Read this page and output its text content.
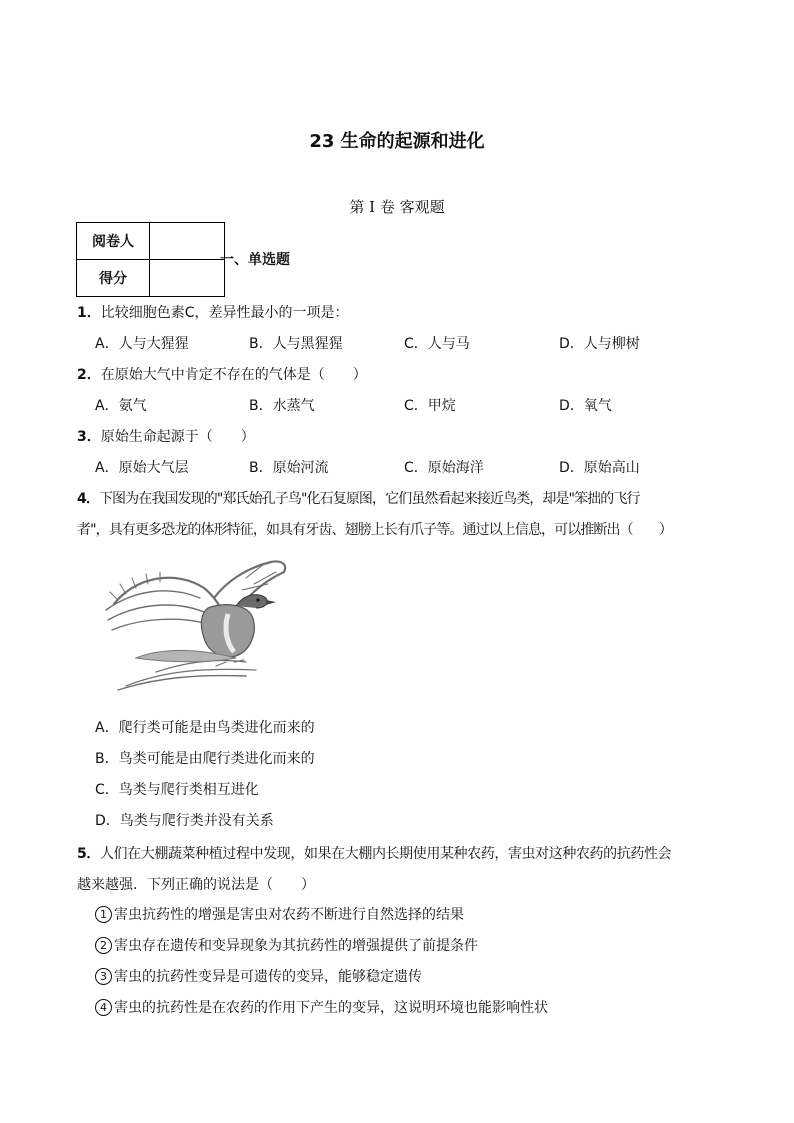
23 生命的起源和进化
第 I 卷 客观题
阅卷人	
得分	
一、单选题
1．比较细胞色素C，差异性最小的一项是：
A．人与大猩猩	B．人与黑猩猩	C．人与马	D．人与柳树
2．在原始大气中肯定不存在的气体是（　　）
A．氨气	B．水蒸气	C．甲烷	D．氧气
3．原始生命起源于（　　）
A．原始大气层	B．原始河流	C．原始海洋	D．原始高山
4．下图为在我国发现的"郑氏始孔子鸟"化石复原图，它们虽然看起来接近鸟类，却是"笨拙的飞行
者"，具有更多恐龙的体形特征，如具有牙齿、翅膀上长有爪子等。通过以上信息，可以推断出（　　）
A．爬行类可能是由鸟类进化而来的
B．鸟类可能是由爬行类进化而来的
C．鸟类与爬行类相互进化
D．鸟类与爬行类并没有关系
5．人们在大棚蔬菜种植过程中发现，如果在大棚内长期使用某种农药，害虫对这种农药的抗药性会
越来越强．下列正确的说法是（　　）
1 害虫抗药性的增强是害虫对农药不断进行自然选择的结果
2 害虫存在遗传和变异现象为其抗药性的增强提供了前提条件
3 害虫的抗药性变异是可遗传的变异，能够稳定遗传
4 害虫的抗药性是在农药的作用下产生的变异，这说明环境也能影响性状
